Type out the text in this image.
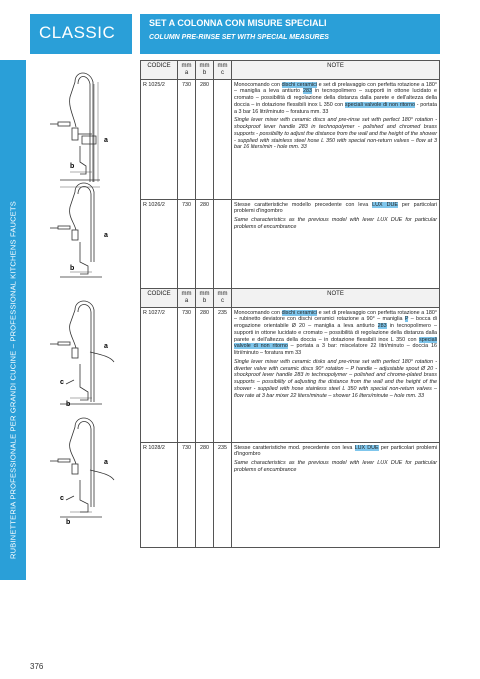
CLASSIC	SET A COLONNA CON MISURE SPECIALI
COLUMN PRE-RINSE SET WITH SPECIAL MEASURES
RUBINETTERIA PROFESSIONALE PER GRANDI CUCINE – PROFESSIONAL KITCHENS FAUCETS
a
b
a
b
a
c
b
a
c
b
CODICE	mm a	mm b	mm c	NOTE
R 1025/2	730	280		Monocomando con dischi ceramici e set di prelavaggio con perfetta rotazione a 180° – maniglia a leva antiurto 283 in tecnopolimero – supporti in ottone lucidato e cromato – possibilità di regolazione della distanza dalla parete e dell'altezza della doccia – in dotazione flessibili inox L 350 con speciali valvole di non ritorno - portata a 3 bar 16 litri/minuto – foratura mm. 33

Single lever mixer with ceramic discs and pre-rinse set with perfect 180° rotation - shockproof lever handle 283 in technopolymer - polished and chromed brass supports - possibility to adjust the distance from the wall and the height of the shower - supplied with stainless steel hose L 350 with special non-return valves – flow at 3 bar 16 liters/min - hole mm. 33

R 1026/2	730	280		Stesse caratteristiche modello precedente con leva LUX DUE per particolari problemi d'ingombro

Same characteristics as the previous model with lever LUX DUE for particular problems of encumbrance

CODICE	mm a	mm b	mm c	NOTE
R 1027/2	730	280	235	Monocomando con dischi ceramici e set di prelavaggio con perfetta rotazione a 180° – rubinetto deviatore con dischi ceramici rotazione a 90° – maniglia P – bocca di erogazione orientabile Ø 20 – maniglia a leva antiurto 283 in tecnopolimero – supporti in ottone lucidato e cromato – possibilità di regolazione della distanza dalla parete e dell'altezza della doccia – in dotazione flessibili inox L 350 con speciali valvole di non ritorno – portata a 3 bar: miscelatore 22 litri/minuto – doccia 16 litri/minuto – foratura mm 33

Single lever mixer with ceramic disks and pre-rinse set with perfect 180° rotation - diverter valve with ceramic discs 90° rotation – P handle – adjustable spout Ø 20 - shockproof lever handle 283 in technopolymer – polished and chrome-plated brass supports – possibility of adjusting the distance from the wall and the height of the shower - supplied with hose stainless steel L 350 with special non-return valves – flow rate at 3 bar mixer 22 liters/minute – shower 16 liters/minute – hole mm. 33

R 1028/2	730	280	235	Stesse caratteristiche mod. precedente con leva LUX DUE per particolari problemi d'ingombro

Same characteristics as the previous model with lever LUX DUE for particular problems of encumbrance

376
